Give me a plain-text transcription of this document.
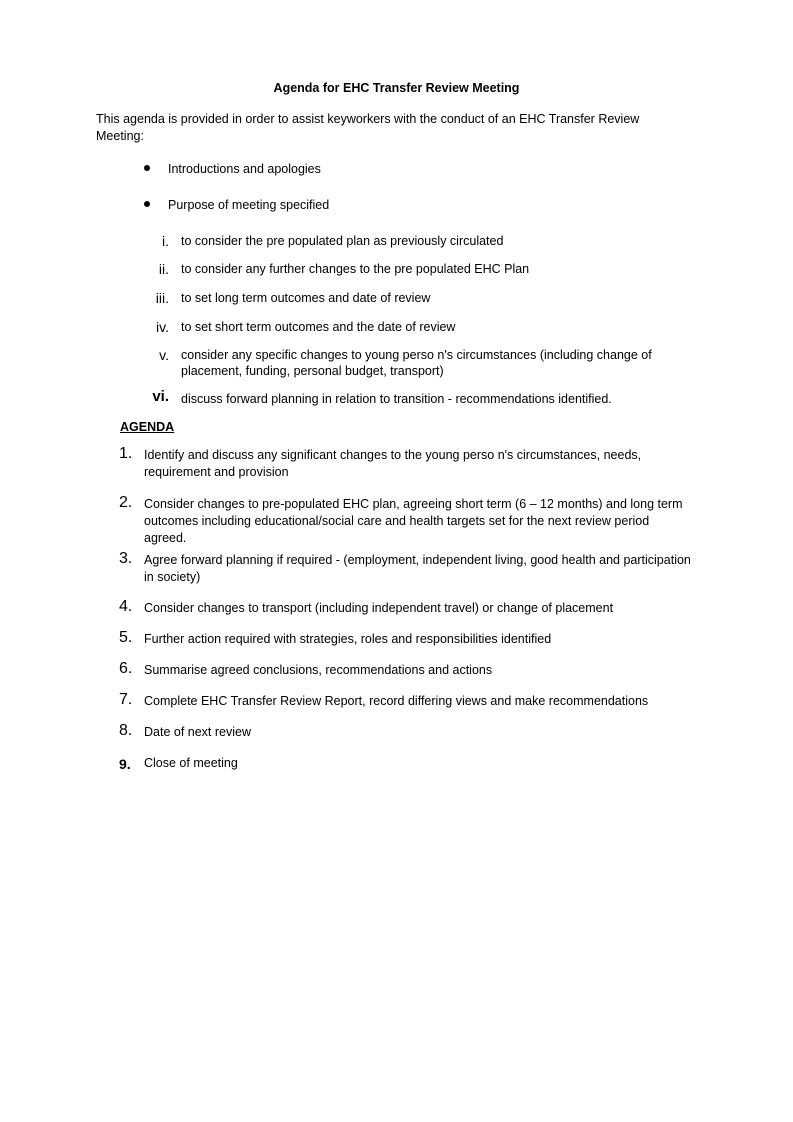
Agenda for EHC Transfer Review Meeting
This agenda is provided in order to assist keyworkers with the conduct of an EHC Transfer Review Meeting:
Introductions and apologies
Purpose of meeting specified
i. to consider the pre populated plan as previously circulated
ii. to consider any further changes to the pre populated EHC Plan
iii. to set long term outcomes and date of review
iv. to set short term outcomes and the date of review
v. consider any specific changes to young perso n's circumstances (including change of placement, funding, personal budget, transport)
vi. discuss forward planning in relation to transition - recommendations identified.
AGENDA
1. Identify and discuss any significant changes to the young perso n's circumstances, needs, requirement and provision
2. Consider changes to pre-populated EHC plan, agreeing short term (6 – 12 months) and long term outcomes including educational/social care and health targets set for the next review period agreed.
3. Agree forward planning if required - (employment, independent living, good health and participation in society)
4. Consider changes to transport (including independent travel) or change of placement
5. Further action required with strategies, roles and responsibilities identified
6. Summarise agreed conclusions, recommendations and actions
7. Complete EHC Transfer Review Report, record differing views and make recommendations
8. Date of next review
9. Close of meeting
